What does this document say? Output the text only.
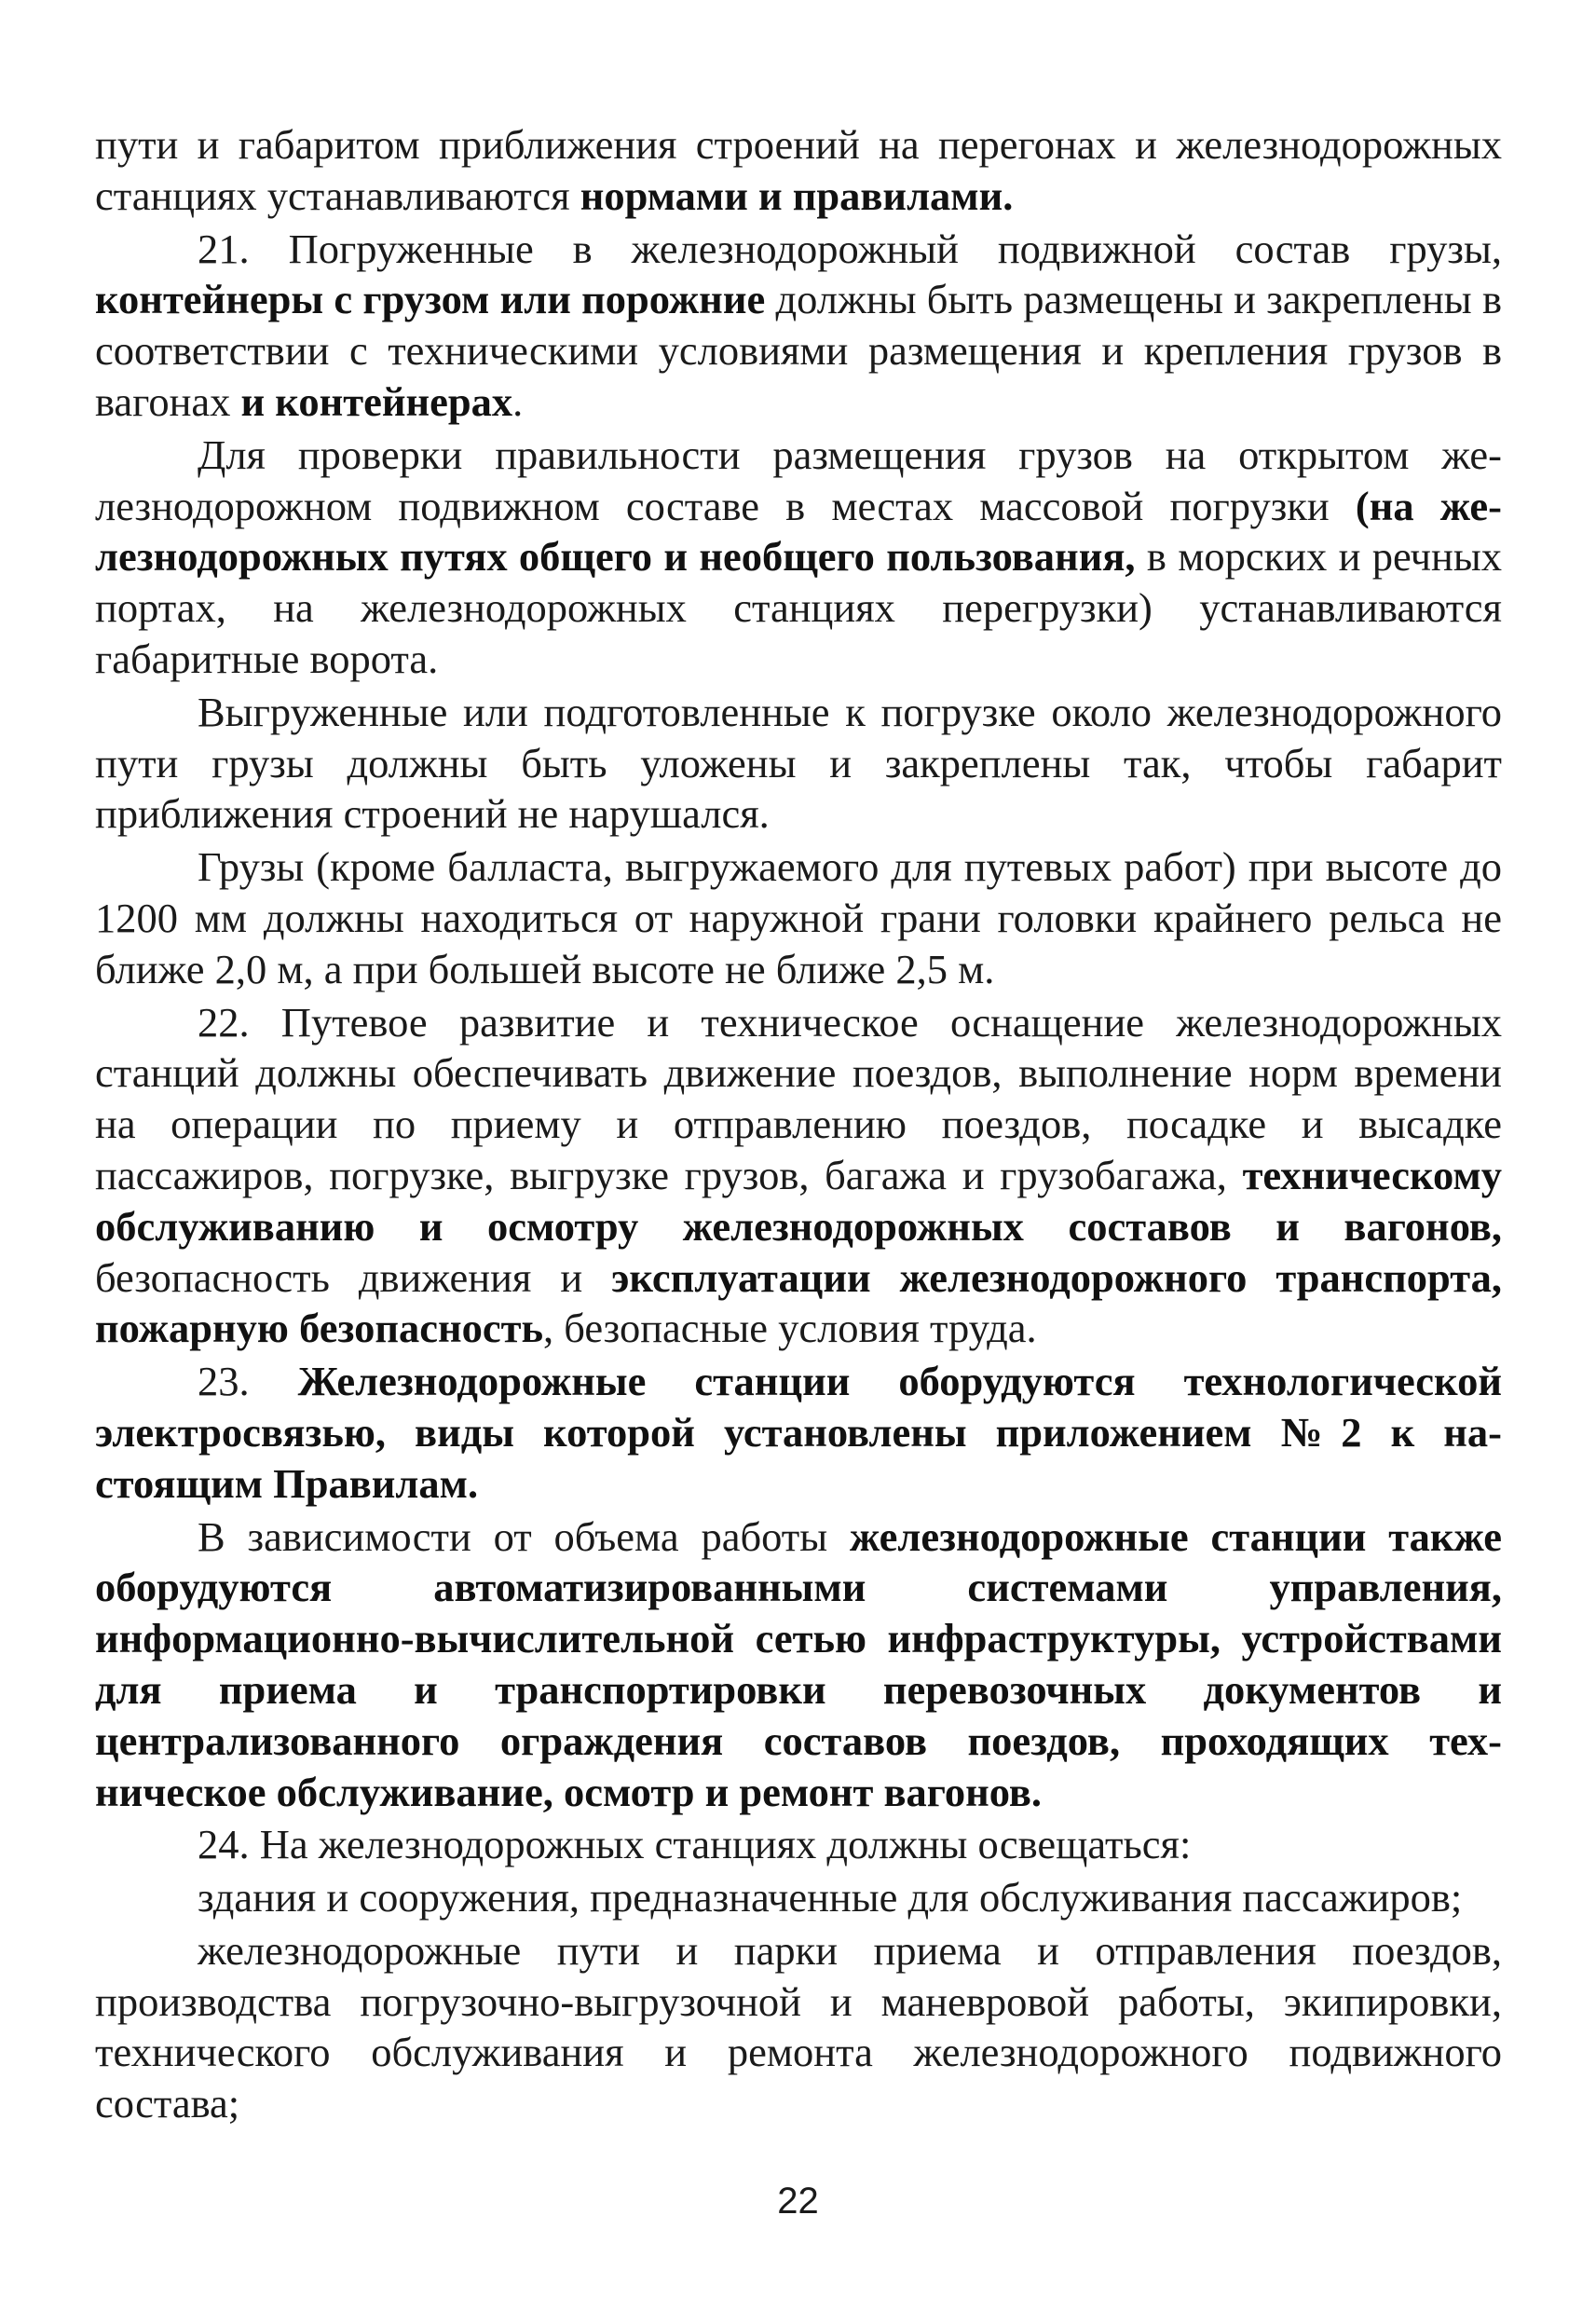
пути и габаритом приближения строений на перегонах и железнодорожных станциях устанавливаются нормами и правилами.

21. Погруженные в железнодорожный подвижной состав грузы, контейнеры с грузом или порожние должны быть размещены и закреплены в соответствии с техническими условиями размещения и крепления грузов в вагонах и контейнерах.

Для проверки правильности размещения грузов на открытом железнодорожном подвижном составе в местах массовой погрузки (на железнодорожных путях общего и необщего пользования, в морских и речных портах, на железнодорожных станциях перегрузки) устанавливаются габаритные ворота.

Выгруженные или подготовленные к погрузке около железнодорожного пути грузы должны быть уложены и закреплены так, чтобы габарит приближения строений не нарушался.

Грузы (кроме балласта, выгружаемого для путевых работ) при высоте до 1200 мм должны находиться от наружной грани головки крайнего рельса не ближе 2,0 м, а при большей высоте не ближе 2,5 м.

22. Путевое развитие и техническое оснащение железнодорожных станций должны обеспечивать движение поездов, выполнение норм времени на операции по приему и отправлению поездов, посадке и высадке пассажиров, погрузке, выгрузке грузов, багажа и грузобагажа, техническому обслуживанию и осмотру железнодорожных составов и вагонов, безопасность движения и эксплуатации железнодорожного транспорта, пожарную безопасность, безопасные условия труда.

23. Железнодорожные станции оборудуются технологической электросвязью, виды которой установлены приложением №2 к настоящим Правилам.

В зависимости от объема работы железнодорожные станции также оборудуются автоматизированными системами управления, информационно-вычислительной сетью инфраструктуры, устройствами для приема и транспортировки перевозочных документов и централизованного ограждения составов поездов, проходящих техническое обслуживание, осмотр и ремонт вагонов.

24. На железнодорожных станциях должны освещаться:

здания и сооружения, предназначенные для обслуживания пассажиров;

железнодорожные пути и парки приема и отправления поездов, производства погрузочно-выгрузочной и маневровой работы, экипировки, технического обслуживания и ремонта железнодорожного подвижного состава;

22
